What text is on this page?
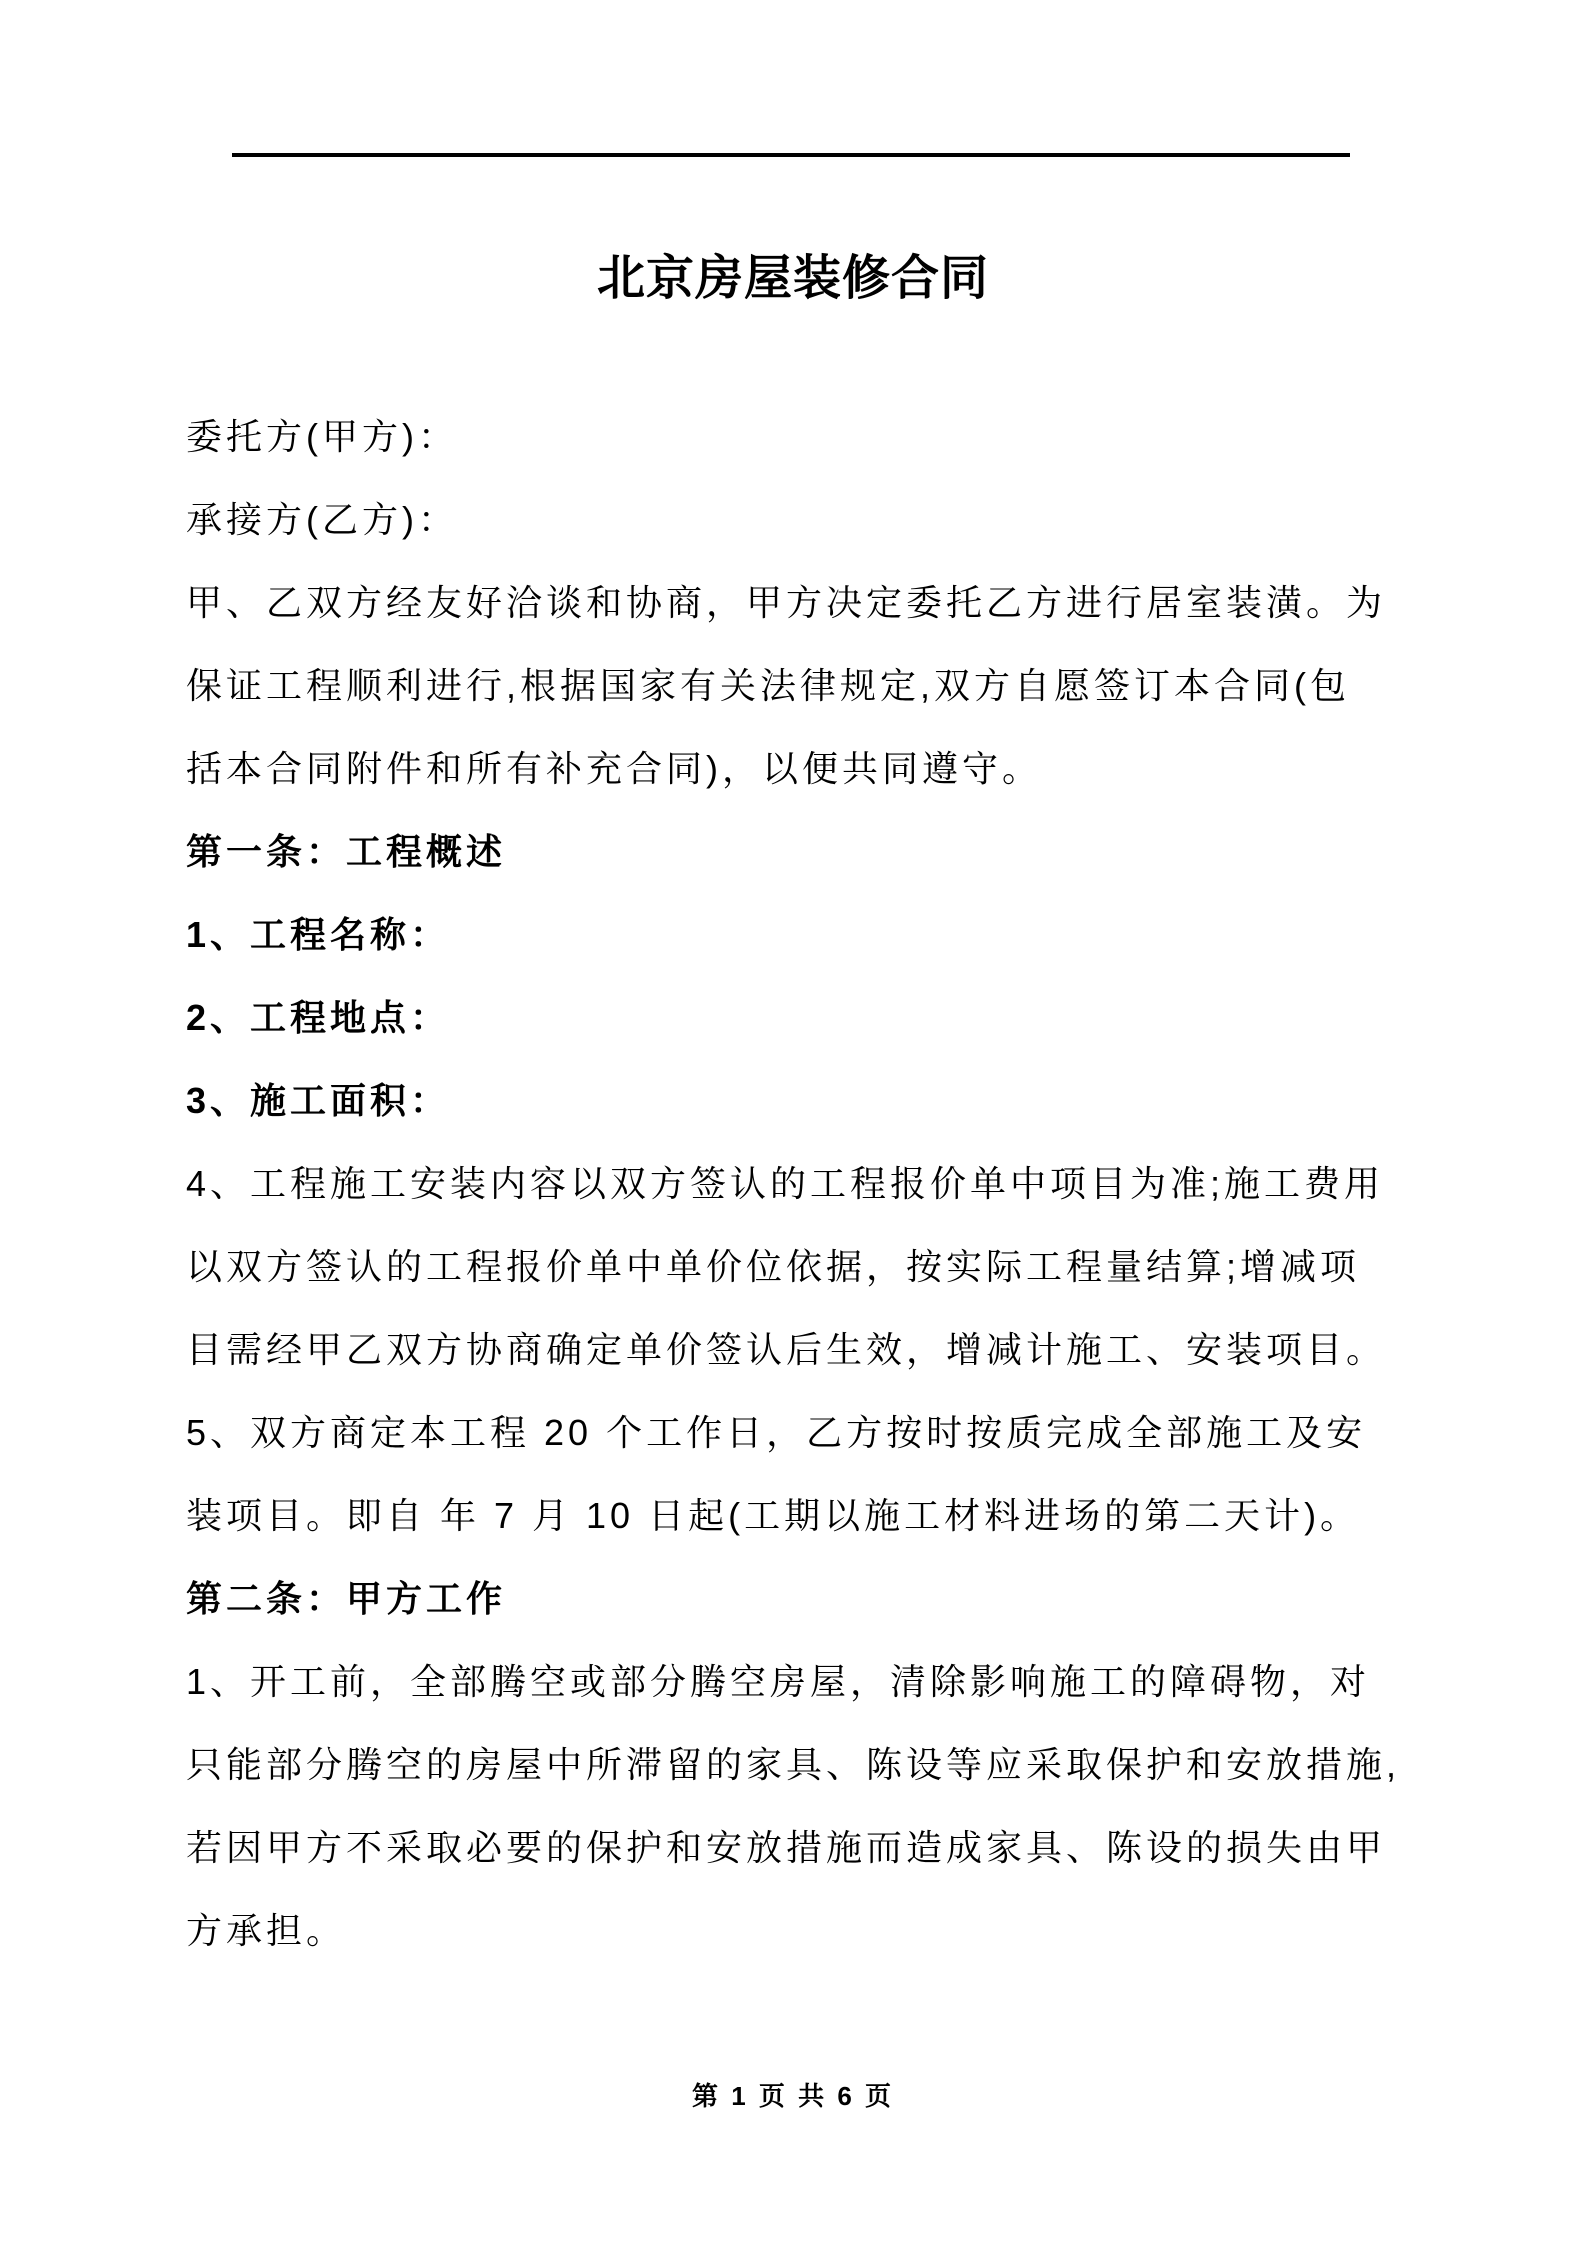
北京房屋装修合同
委托方(甲方)：
承接方(乙方)：
甲、乙双方经友好洽谈和协商，甲方决定委托乙方进行居室装潢。为
保证工程顺利进行,根据国家有关法律规定,双方自愿签订本合同(包
括本合同附件和所有补充合同)，以便共同遵守。
第一条：工程概述
1、工程名称：
2、工程地点：
3、施工面积：
4、工程施工安装内容以双方签认的工程报价单中项目为准;施工费用
以双方签认的工程报价单中单价位依据，按实际工程量结算;增减项
目需经甲乙双方协商确定单价签认后生效，增减计施工、安装项目。
5、双方商定本工程 20 个工作日，乙方按时按质完成全部施工及安
装项目。即自 年 7 月 10 日起(工期以施工材料进场的第二天计)。
第二条：甲方工作
1、开工前，全部腾空或部分腾空房屋，清除影响施工的障碍物，对
只能部分腾空的房屋中所滞留的家具、陈设等应采取保护和安放措施,
若因甲方不采取必要的保护和安放措施而造成家具、陈设的损失由甲
方承担。
第 1 页 共 6 页
